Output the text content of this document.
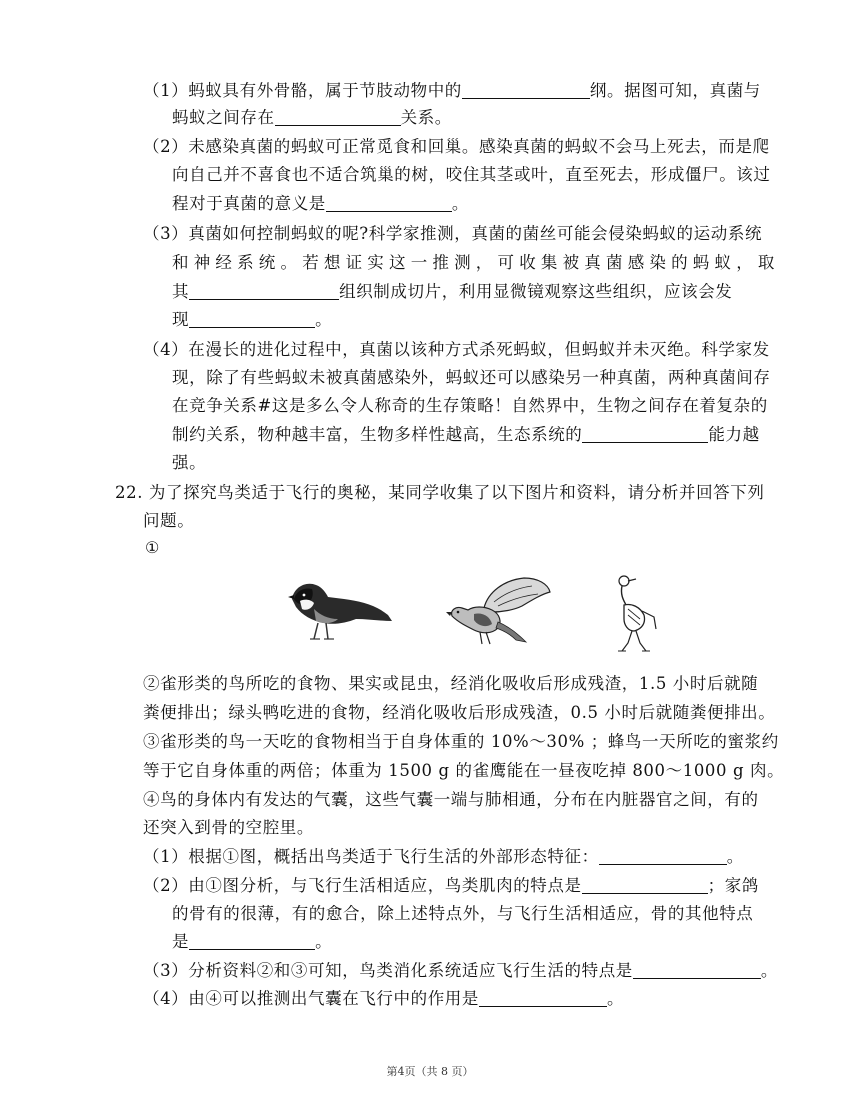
（1）蚂蚁具有外骨骼，属于节肢动物中的	纲。据图可知，真菌与
蚂蚁之间存在	关系。
（2）未感染真菌的蚂蚁可正常觅食和回巢。感染真菌的蚂蚁不会马上死去，而是爬
向自己并不喜食也不适合筑巢的树，咬住其茎或叶，直至死去，形成僵尸。该过
程对于真菌的意义是	。
（3）真菌如何控制蚂蚁的呢?科学家推测，真菌的菌丝可能会侵染蚂蚁的运动系统
和神经系统。若想证实这一推测，可收集被真菌感染的蚂蚁，取
其	组织制成切片，利用显微镜观察这些组织，应该会发
现	。
（4）在漫长的进化过程中，真菌以该种方式杀死蚂蚁，但蚂蚁并未灭绝。科学家发
现，除了有些蚂蚁未被真菌感染外，蚂蚁还可以感染另一种真菌，两种真菌间存
在竞争关系#这是多么令人称奇的生存策略！自然界中，生物之间存在着复杂的
制约关系，物种越丰富，生物多样性越高，生态系统的	能力越
强。
22. 为了探究鸟类适于飞行的奥秘，某同学收集了以下图片和资料，请分析并回答下列
问题。
①
②雀形类的鸟所吃的食物、果实或昆虫，经消化吸收后形成残渣，1.5 小时后就随
粪便排出；绿头鸭吃进的食物，经消化吸收后形成残渣，0.5 小时后就随粪便排出。
③雀形类的鸟一天吃的食物相当于自身体重的 10%～30% ；蜂鸟一天所吃的蜜浆约
等于它自身体重的两倍；体重为 1500 g 的雀鹰能在一昼夜吃掉 800～1000 g 肉。
④鸟的身体内有发达的气囊，这些气囊一端与肺相通，分布在内脏器官之间，有的
还突入到骨的空腔里。
（1）根据①图，概括出鸟类适于飞行生活的外部形态特征：	。
（2）由①图分析，与飞行生活相适应，鸟类肌肉的特点是	；家鸽
的骨有的很薄，有的愈合，除上述特点外，与飞行生活相适应，骨的其他特点
是	。
（3）分析资料②和③可知，鸟类消化系统适应飞行生活的特点是	。
（4）由④可以推测出气囊在飞行中的作用是	。
第4页（共 8 页）
